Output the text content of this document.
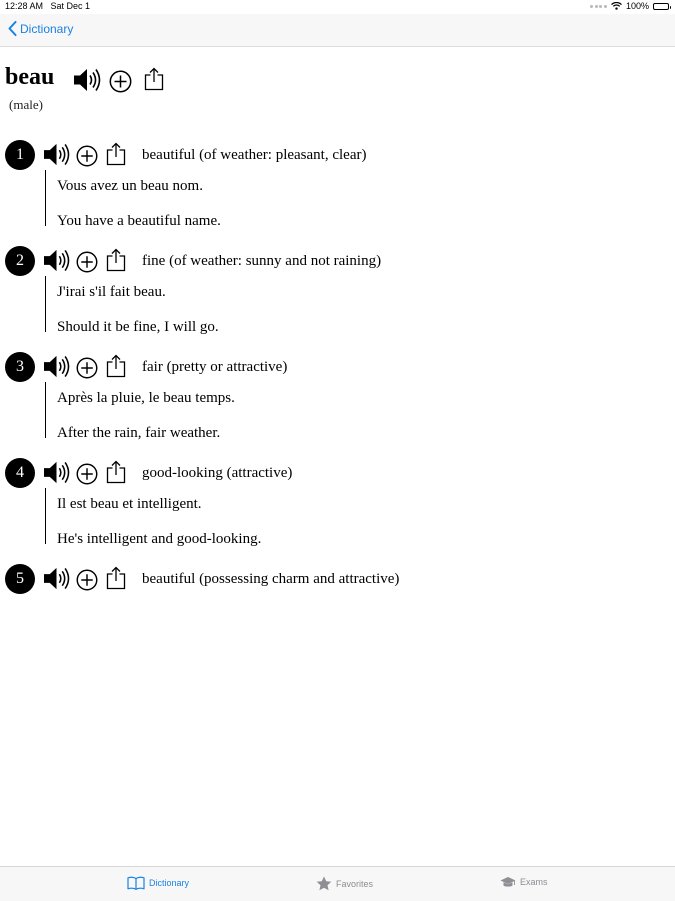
12:28 AM Sat Dec 1	100%
Dictionary
beau
(male)
1	beautiful (of weather: pleasant, clear)
Vous avez un beau nom.
You have a beautiful name.
2	fine (of weather: sunny and not raining)
J'irai s'il fait beau.
Should it be fine, I will go.
3	fair (pretty or attractive)
Après la pluie, le beau temps.
After the rain, fair weather.
4	good-looking (attractive)
Il est beau et intelligent.
He's intelligent and good-looking.
5	beautiful (possessing charm and attractive)
Dictionary	Favorites	Exams
